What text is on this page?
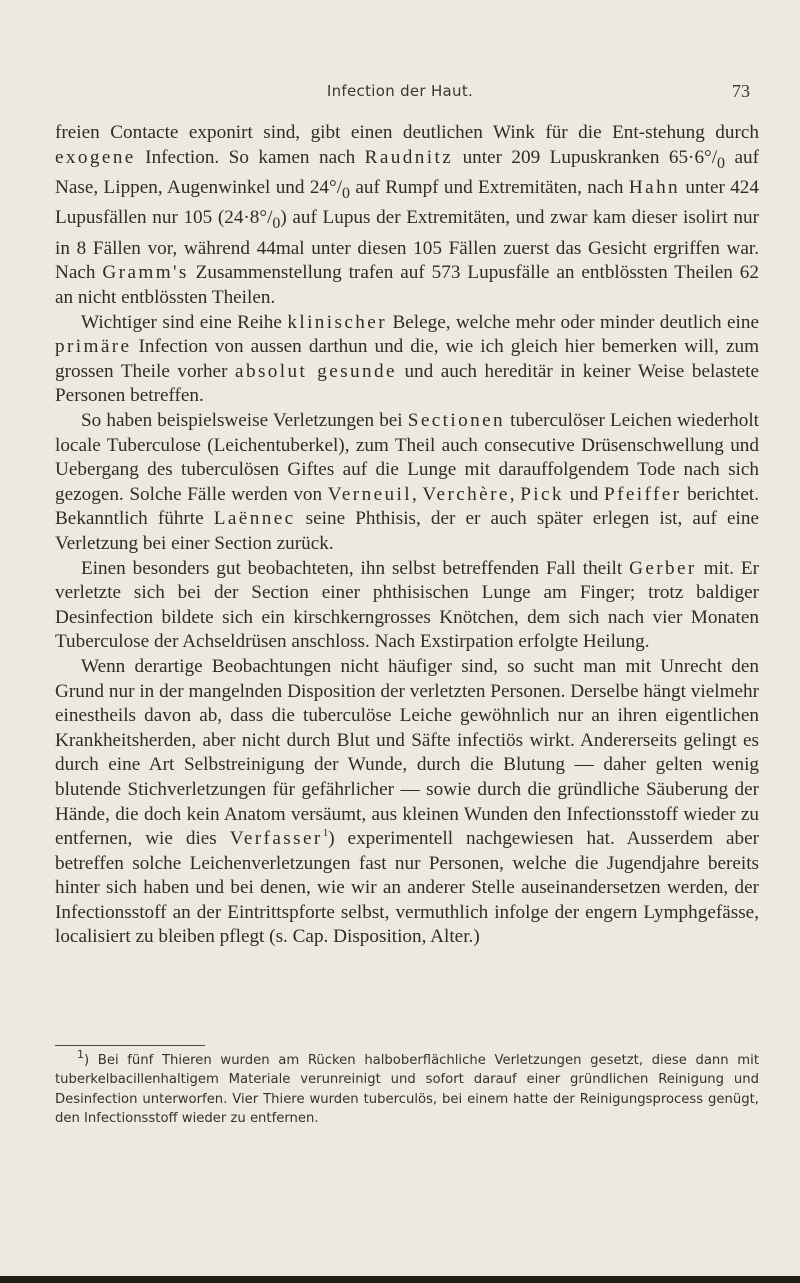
Infection der Haut.	73

freien Contacte exponirt sind, gibt einen deutlichen Wink für die Ent-stehung durch exogene Infection. So kamen nach Raudnitz unter 209 Lupuskranken $65\cdot 6^\circ/_0$ auf Nase, Lippen, Augenwinkel und $24^\circ/_0$ auf Rumpf und Extremitäten, nach Hahn unter 424 Lupusfällen nur 105 $(24\cdot 8^\circ/_0)$ auf Lupus der Extremitäten, und zwar kam dieser isolirt nur in 8 Fällen vor, während 44mal unter diesen 105 Fällen zuerst das Gesicht ergriffen war. Nach Gramm's Zusammenstellung trafen auf 573 Lupusfälle an entblössten Theilen 62 an nicht entblössten Theilen.

Wichtiger sind eine Reihe klinischer Belege, welche mehr oder minder deutlich eine primäre Infection von aussen darthun und die, wie ich gleich hier bemerken will, zum grossen Theile vorher absolut gesunde und auch hereditär in keiner Weise belastete Personen betreffen.

So haben beispielsweise Verletzungen bei Sectionen tuberculöser Leichen wiederholt locale Tuberculose (Leichentuberkel), zum Theil auch consecutive Drüsenschwellung und Uebergang des tuberculösen Giftes auf die Lunge mit darauffolgendem Tode nach sich gezogen. Solche Fälle werden von Verneuil, Verchère, Pick und Pfeiffer berichtet. Bekanntlich führte Laënnec seine Phthisis, der er auch später erlegen ist, auf eine Verletzung bei einer Section zurück.

Einen besonders gut beobachteten, ihn selbst betreffenden Fall theilt Gerber mit. Er verletzte sich bei der Section einer phthisischen Lunge am Finger; trotz baldiger Desinfection bildete sich ein kirschkerngrosses Knötchen, dem sich nach vier Monaten Tuberculose der Achseldrüsen anschloss. Nach Exstirpation erfolgte Heilung.

Wenn derartige Beobachtungen nicht häufiger sind, so sucht man mit Unrecht den Grund nur in der mangelnden Disposition der verletzten Personen. Derselbe hängt vielmehr einestheils davon ab, dass die tuberculöse Leiche gewöhnlich nur an ihren eigentlichen Krankheitsherden, aber nicht durch Blut und Säfte infectiös wirkt. Andererseits gelingt es durch eine Art Selbstreinigung der Wunde, durch die Blutung — daher gelten wenig blutende Stichverletzungen für gefährlicher — sowie durch die gründliche Säuberung der Hände, die doch kein Anatom versäumt, aus kleinen Wunden den Infectionsstoff wieder zu entfernen, wie dies Verfasser$^1$) experimentell nachgewiesen hat. Ausserdem aber betreffen solche Leichenverletzungen fast nur Personen, welche die Jugendjahre bereits hinter sich haben und bei denen, wie wir an anderer Stelle auseinandersetzen werden, der Infectionsstoff an der Eintrittspforte selbst, vermuthlich infolge der engern Lymphgefässe, localisiert zu bleiben pflegt (s. Cap. Disposition, Alter.)

$^1$) Bei fünf Thieren wurden am Rücken halboberflächliche Verletzungen gesetzt, diese dann mit tuberkelbacillenhaltigem Materiale verunreinigt und sofort darauf einer gründlichen Reinigung und Desinfection unterworfen. Vier Thiere wurden tuberculös, bei einem hatte der Reinigungsprocess genügt, den Infectionsstoff wieder zu entfernen.
